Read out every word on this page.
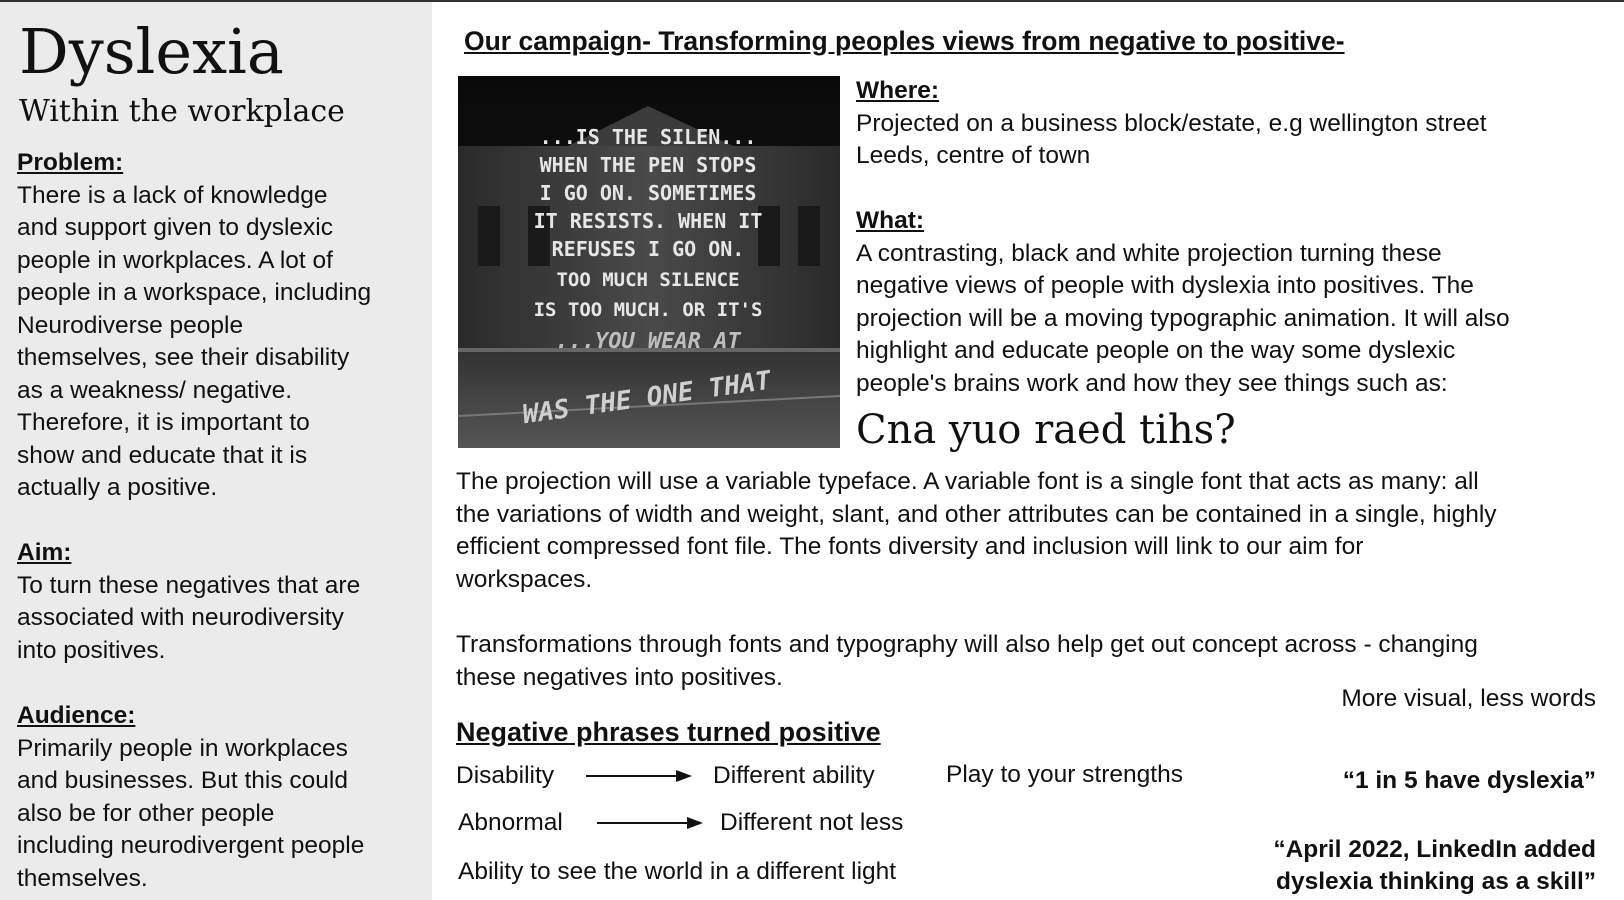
Dyslexia
Within the workplace
Problem:
There is a lack of knowledge
and support given to dyslexic
people in workplaces. A lot of
people in a workspace, including
Neurodiverse people
themselves, see their disability
as a weakness/ negative.
Therefore, it is important to
show and educate that it is
actually a positive.
Aim:
To turn these negatives that are
associated with neurodiversity
into positives.
Audience:
Primarily people in workplaces
and businesses. But this could
also be for other people
including neurodivergent people
themselves.
Our campaign- Transforming peoples views from negative to positive-
...IS THE SILEN...
WHEN THE PEN STOPS
I GO ON. SOMETIMES
IT RESISTS. WHEN IT
REFUSES I GO ON.
TOO MUCH SILENCE
IS TOO MUCH. OR IT'S
...YOU WEAR AT
WAS THE ONE THAT
Where:
Projected on a business block/estate, e.g wellington street
Leeds, centre of town
What:
A contrasting, black and white projection turning these
negative views of people with dyslexia into positives. The
projection will be a moving typographic animation. It will also
highlight and educate people on the way some dyslexic
people's brains work and how they see things such as:
Cna yuo raed tihs?
The projection will use a variable typeface. A variable font is a single font that acts as many: all
the variations of width and weight, slant, and other attributes can be contained in a single, highly
efficient compressed font file. The fonts diversity and inclusion will link to our aim for
workspaces.
Transformations through fonts and typography will also help get out concept across - changing
these negatives into positives.
More visual, less words
Negative phrases turned positive
Disability	Different ability	Play to your strengths
Abnormal	Different not less
Ability to see the world in a different light
“1 in 5 have dyslexia”
“April 2022, LinkedIn added
dyslexia thinking as a skill”
